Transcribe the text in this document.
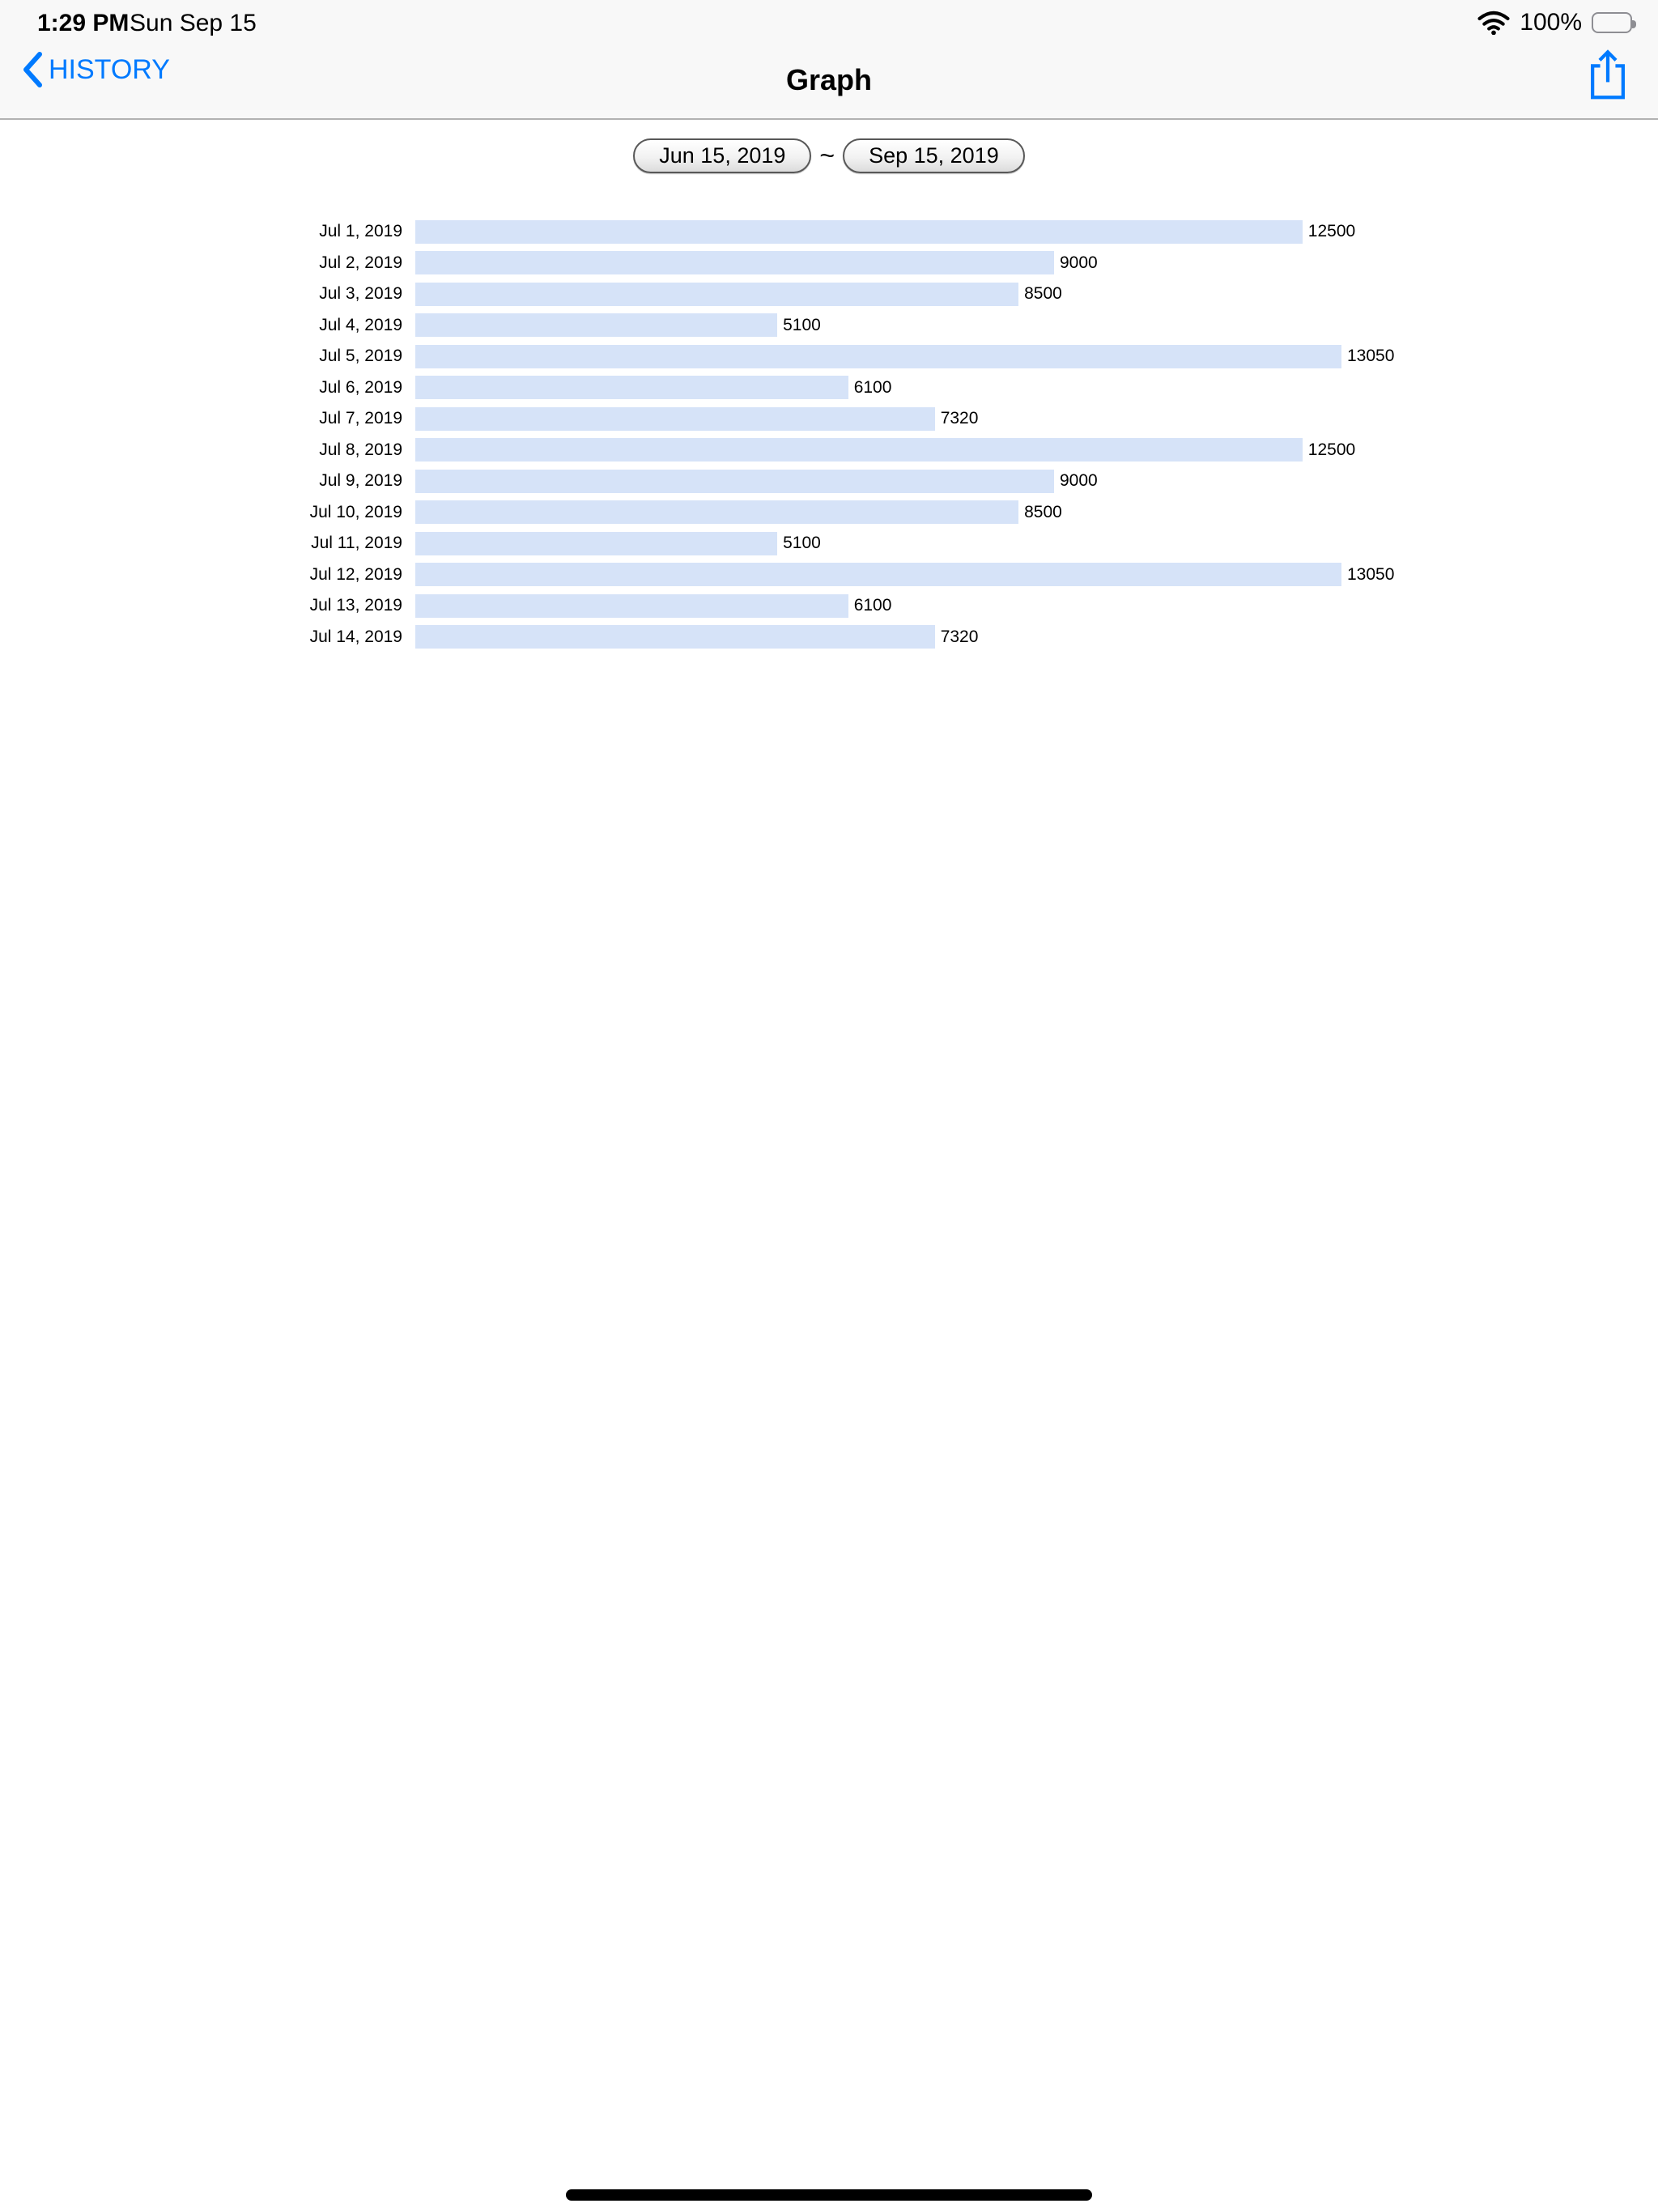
1:29 PM Sun Sep 15	100%
HISTORY	Graph
Jun 15, 2019	~	Sep 15, 2019
Jul 1, 2019	12500
Jul 2, 2019	9000
Jul 3, 2019	8500
Jul 4, 2019	5100
Jul 5, 2019	13050
Jul 6, 2019	6100
Jul 7, 2019	7320
Jul 8, 2019	12500
Jul 9, 2019	9000
Jul 10, 2019	8500
Jul 11, 2019	5100
Jul 12, 2019	13050
Jul 13, 2019	6100
Jul 14, 2019	7320
